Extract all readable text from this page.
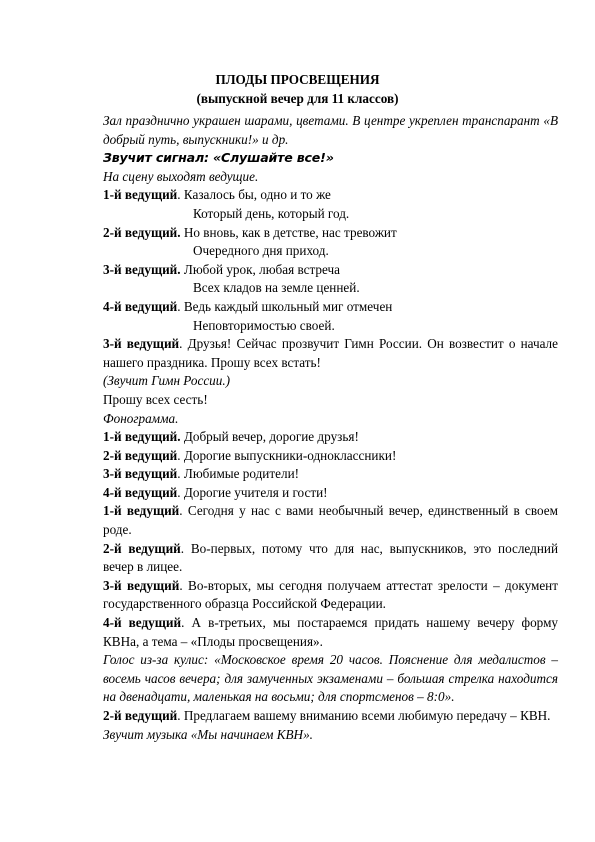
ПЛОДЫ ПРОСВЕЩЕНИЯ
(выпускной вечер для 11 классов)

Зал празднично украшен шарами, цветами. В центре укреплен транспарант «В добрый путь, выпускники!» и др.

Звучит сигнал: «Слушайте все!»

На сцену выходят ведущие.

1-й ведущий. Казалось бы, одно и то же
Который день, который год.
2-й ведущий. Но вновь, как в детстве, нас тревожит
Очередного дня приход.
3-й ведущий. Любой урок, любая встреча
Всех кладов на земле ценней.
4-й ведущий. Ведь каждый школьный миг отмечен
Неповторимостью своей.

3-й ведущий. Друзья! Сейчас прозвучит Гимн России. Он возвестит о начале нашего праздника. Прошу всех встать!

(Звучит Гимн России.)

Прошу всех сесть!

Фонограмма.

1-й ведущий. Добрый вечер, дорогие друзья!

2-й ведущий. Дорогие выпускники-одноклассники!

3-й ведущий. Любимые родители!

4-й ведущий. Дорогие учителя и гости!

1-й ведущий. Сегодня у нас с вами необычный вечер, единственный в своем роде.

2-й ведущий. Во-первых, потому что для нас, выпускников, это последний вечер в лицее.

3-й ведущий. Во-вторых, мы сегодня получаем аттестат зрелости – документ государственного образца Российской Федерации.

4-й ведущий. А в-третьих, мы постараемся придать нашему вечеру форму КВНа, а тема – «Плоды просвещения».

Голос из-за кулис: «Московское время 20 часов. Пояснение для медалистов – восемь часов вечера; для замученных экзаменами – большая стрелка находится на двенадцати, маленькая на восьми; для спортсменов – 8:0».

2-й ведущий. Предлагаем вашему вниманию всеми любимую передачу – КВН.

Звучит музыка «Мы начинаем КВН».
